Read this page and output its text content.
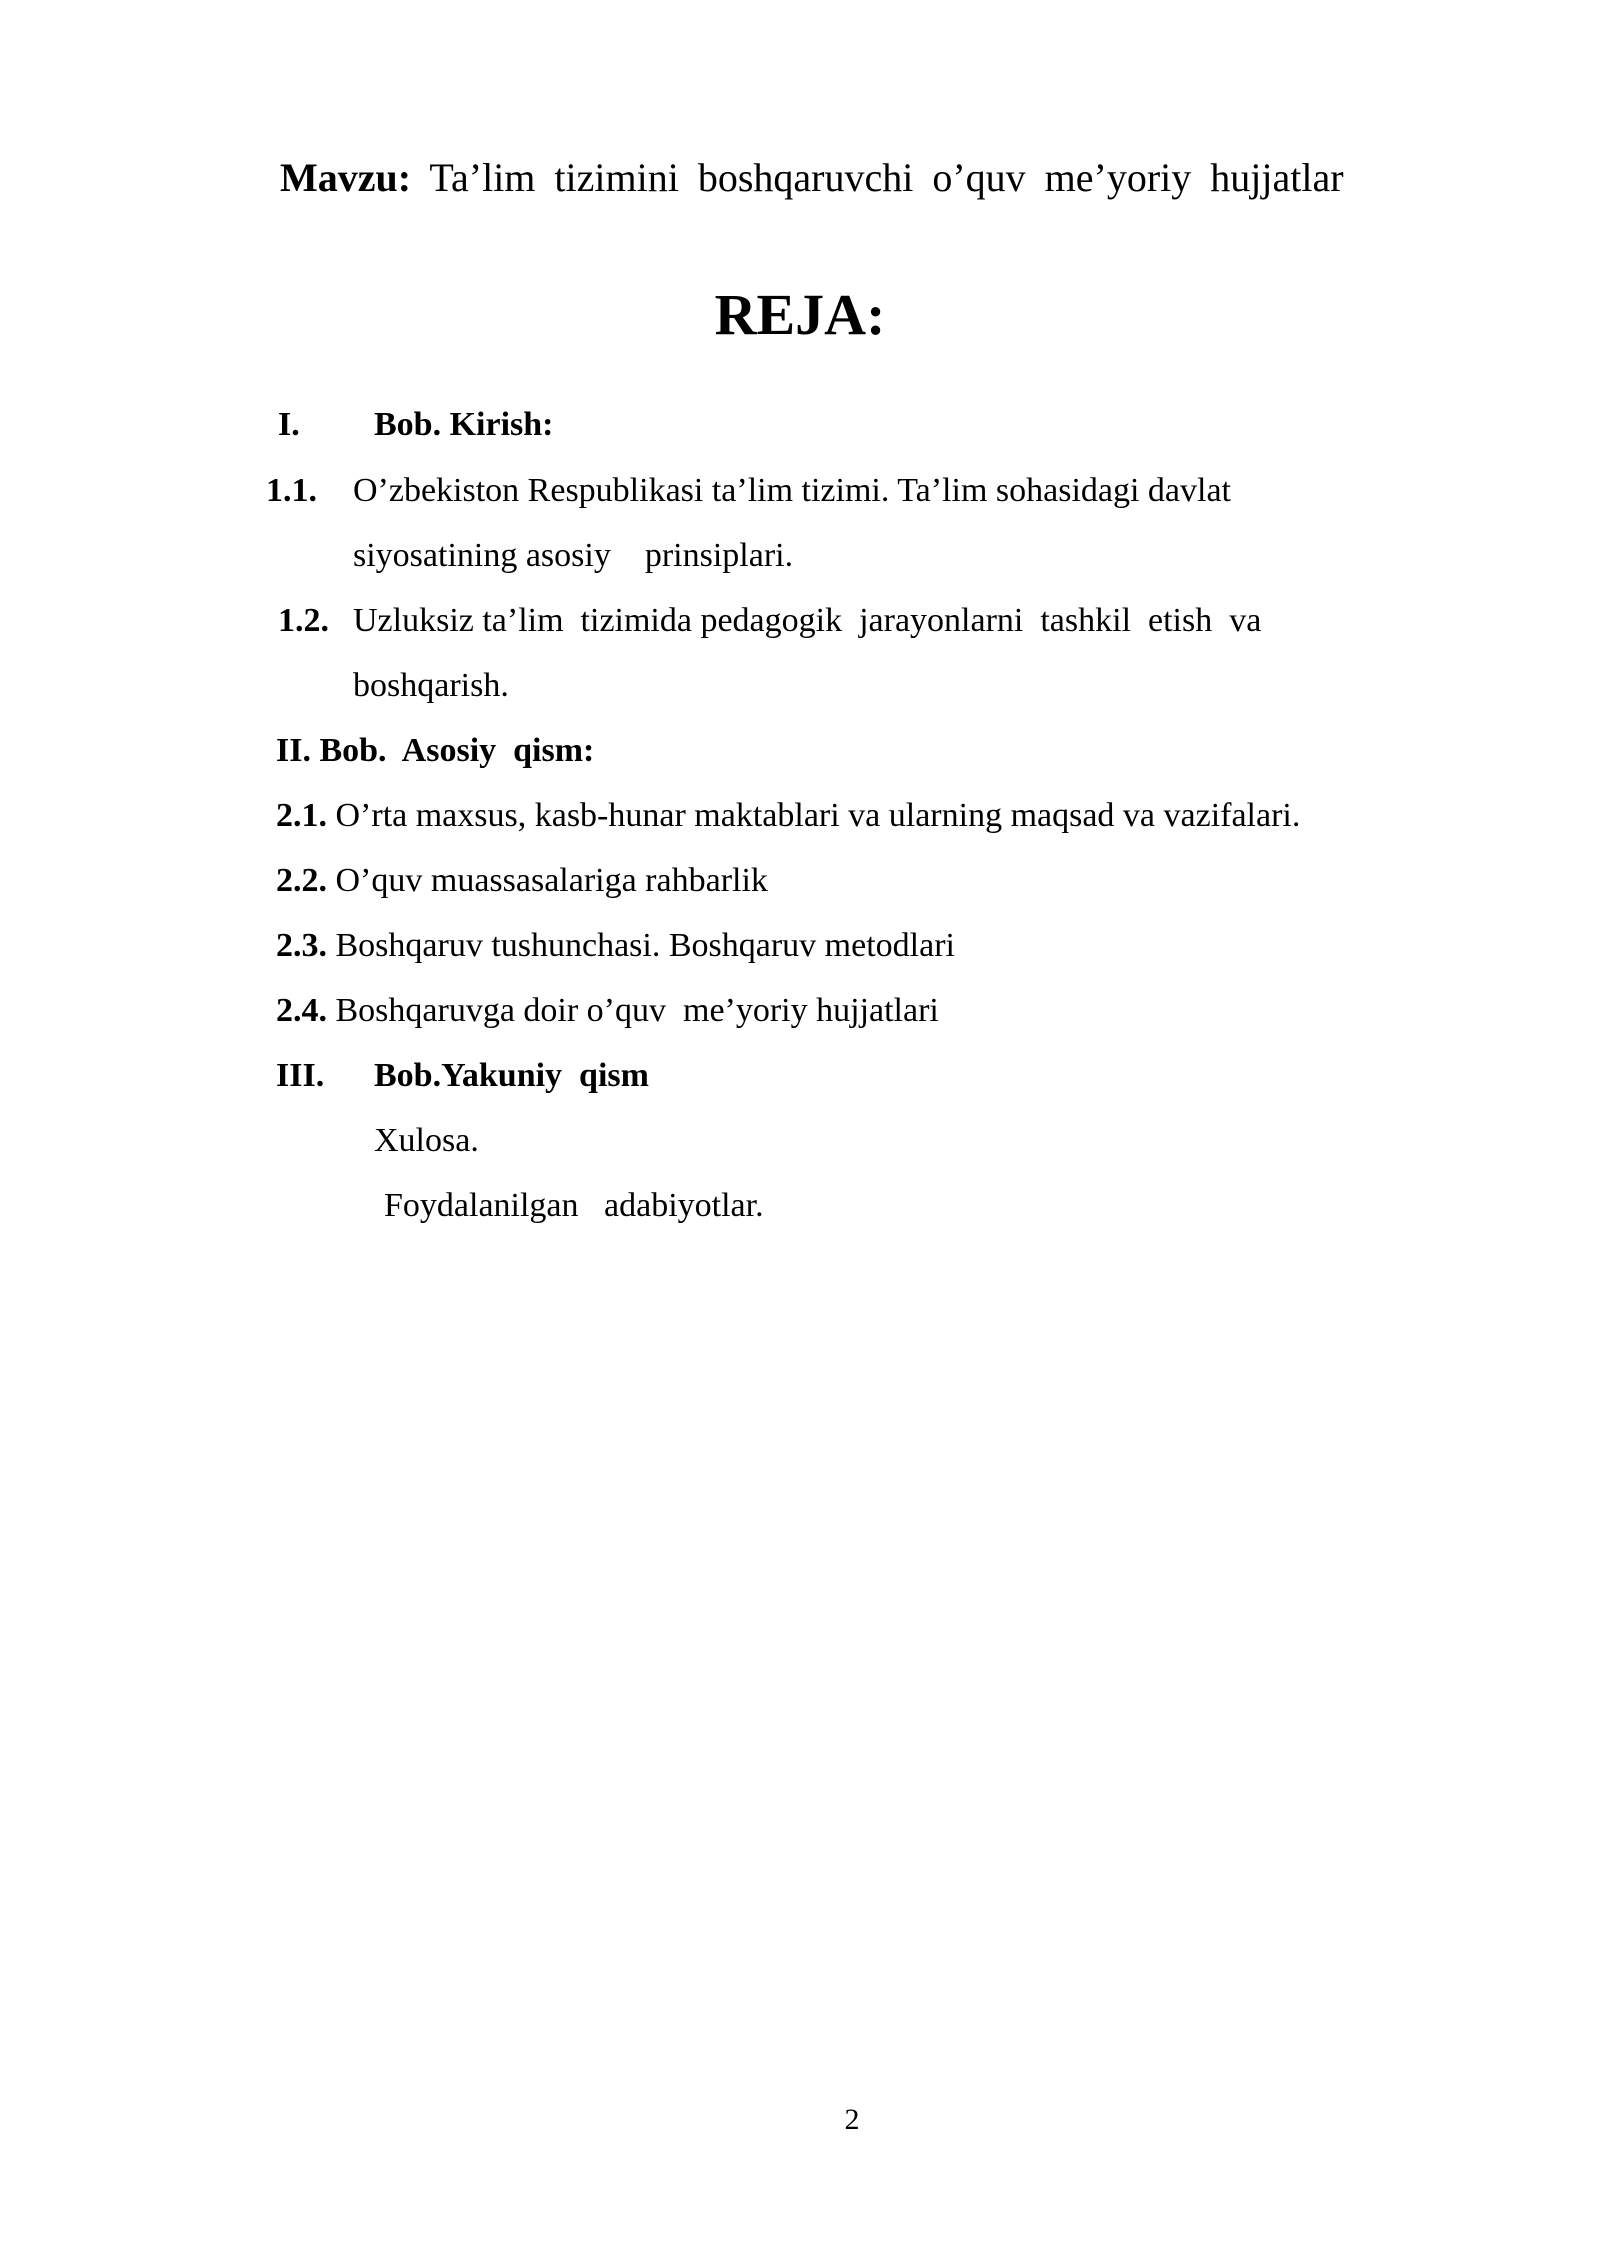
Mavzu: Ta’lim tizimini boshqaruvchi o’quv me’yoriy hujjatlar
REJA:
I. Bob. Kirish:
1.1. O’zbekiston Respublikasi ta’lim tizimi. Ta’lim sohasidagi davlat
siyosatining asosiy    prinsiplari.
1.2. Uzluksiz ta’lim  tizimida pedagogik  jarayonlarni  tashkil  etish  va
boshqarish.
II. Bob.  Asosiy  qism:
2.1. O’rta maxsus, kasb-hunar maktablari va ularning maqsad va vazifalari.
2.2. O’quv muassasalariga rahbarlik
2.3. Boshqaruv tushunchasi. Boshqaruv metodlari
2.4. Boshqaruvga doir o’quv  me’yoriy hujjatlari
III. Bob.Yakuniy  qism
Xulosa.
Foydalanilgan   adabiyotlar.
2
